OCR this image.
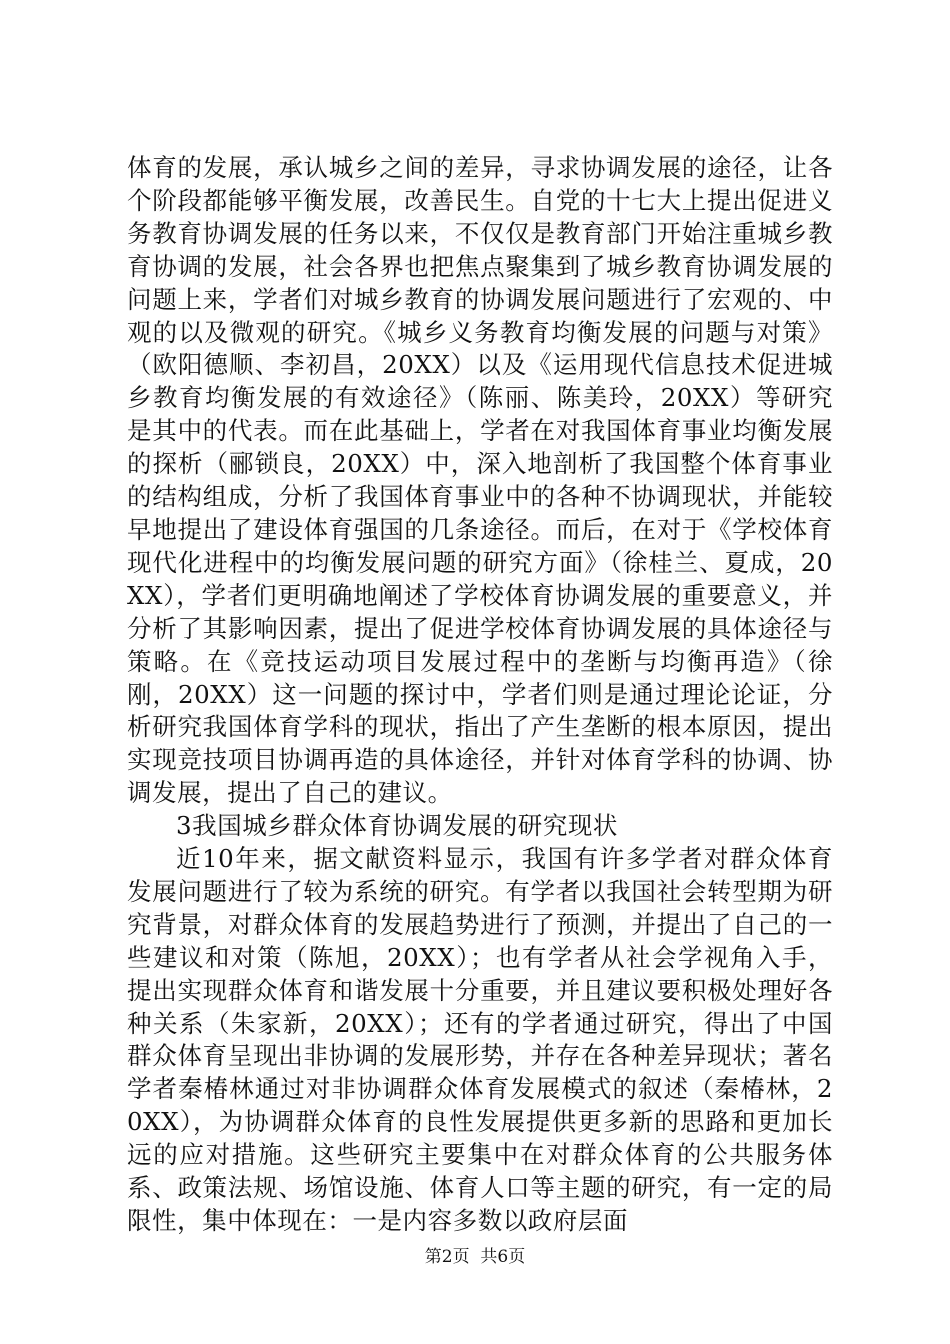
体育的发展，承认城乡之间的差异，寻求协调发展的途径，让各个阶段都能够平衡发展，改善民生。自党的十七大上提出促进义务教育协调发展的任务以来，不仅仅是教育部门开始注重城乡教育协调的发展，社会各界也把焦点聚集到了城乡教育协调发展的问题上来，学者们对城乡教育的协调发展问题进行了宏观的、中观的以及微观的研究。《城乡义务教育均衡发展的问题与对策》（欧阳德顺、李初昌，20XX）以及《运用现代信息技术促进城乡教育均衡发展的有效途径》（陈丽、陈美玲，20XX）等研究是其中的代表。而在此基础上，学者在对我国体育事业均衡发展的探析（郦锁良，20XX）中，深入地剖析了我国整个体育事业的结构组成，分析了我国体育事业中的各种不协调现状，并能较早地提出了建设体育强国的几条途径。而后，在对于《学校体育现代化进程中的均衡发展问题的研究方面》（徐桂兰、夏成，20XX），学者们更明确地阐述了学校体育协调发展的重要意义，并分析了其影响因素，提出了促进学校体育协调发展的具体途径与策略。在《竞技运动项目发展过程中的垄断与均衡再造》（徐刚，20XX）这一问题的探讨中，学者们则是通过理论论证，分析研究我国体育学科的现状，指出了产生垄断的根本原因，提出实现竞技项目协调再造的具体途径，并针对体育学科的协调、协调发展，提出了自己的建议。

3我国城乡群众体育协调发展的研究现状

近10年来，据文献资料显示，我国有许多学者对群众体育发展问题进行了较为系统的研究。有学者以我国社会转型期为研究背景，对群众体育的发展趋势进行了预测，并提出了自己的一些建议和对策（陈旭，20XX）；也有学者从社会学视角入手，提出实现群众体育和谐发展十分重要，并且建议要积极处理好各种关系（朱家新，20XX）；还有的学者通过研究，得出了中国群众体育呈现出非协调的发展形势，并存在各种差异现状；著名学者秦椿林通过对非协调群众体育发展模式的叙述（秦椿林，20XX），为协调群众体育的良性发展提供更多新的思路和更加长远的应对措施。这些研究主要集中在对群众体育的公共服务体系、政策法规、场馆设施、体育人口等主题的研究，有一定的局限性，集中体现在：一是内容多数以政府层面

第2页  共6页
